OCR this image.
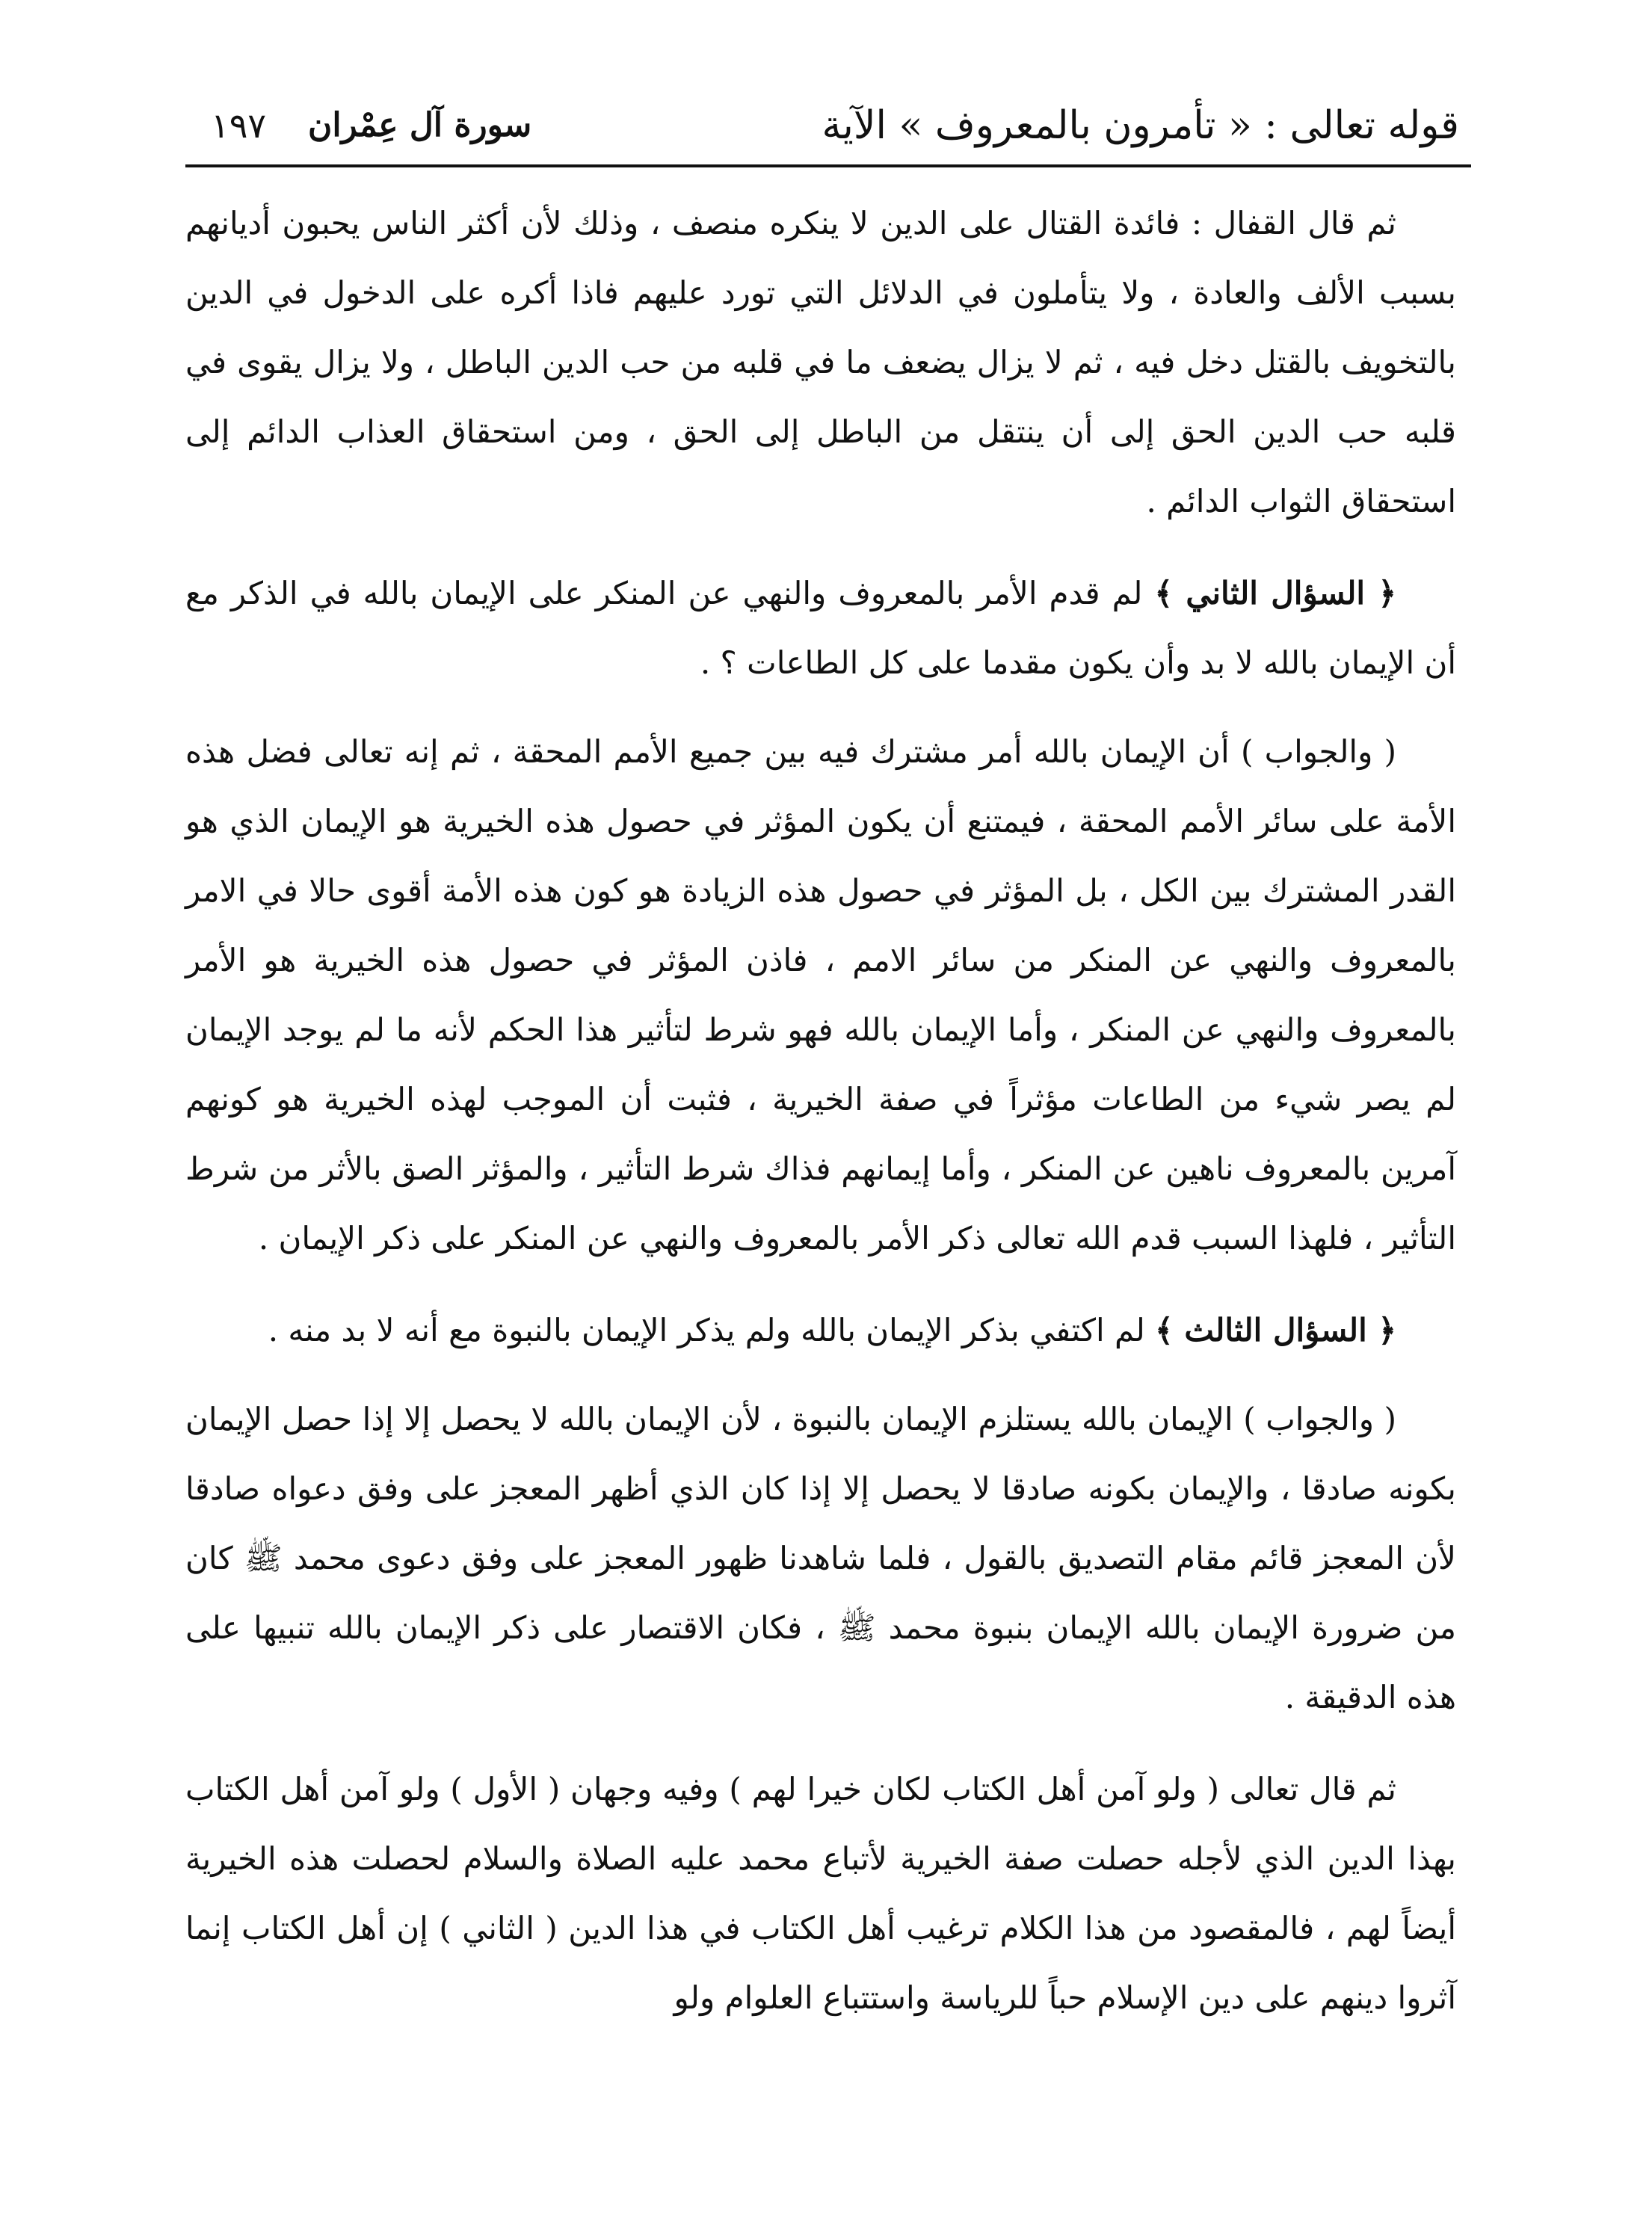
قوله تعالى : « تأمرون بالمعروف » الآية
سورة آل عِمْران
١٩٧

ثم قال القفال : فائدة القتال على الدين لا ينكره منصف ، وذلك لأن أكثر الناس يحبون أديانهم بسبب الألف والعادة ، ولا يتأملون في الدلائل التي تورد عليهم فاذا أكره على الدخول في الدين بالتخويف بالقتل دخل فيه ، ثم لا يزال يضعف ما في قلبه من حب الدين الباطل ، ولا يزال يقوى في قلبه حب الدين الحق إلى أن ينتقل من الباطل إلى الحق ، ومن استحقاق العذاب الدائم إلى استحقاق الثواب الدائم .

﴿ السؤال الثاني ﴾ لم قدم الأمر بالمعروف والنهي عن المنكر على الإيمان بالله في الذكر مع أن الإيمان بالله لا بد وأن يكون مقدما على كل الطاعات ؟ .

( والجواب ) أن الإيمان بالله أمر مشترك فيه بين جميع الأمم المحقة ، ثم إنه تعالى فضل هذه الأمة على سائر الأمم المحقة ، فيمتنع أن يكون المؤثر في حصول هذه الخيرية هو الإيمان الذي هو القدر المشترك بين الكل ، بل المؤثر في حصول هذه الزيادة هو كون هذه الأمة أقوى حالا في الامر بالمعروف والنهي عن المنكر من سائر الامم ، فاذن المؤثر في حصول هذه الخيرية هو الأمر بالمعروف والنهي عن المنكر ، وأما الإيمان بالله فهو شرط لتأثير هذا الحكم لأنه ما لم يوجد الإيمان لم يصر شيء من الطاعات مؤثراً في صفة الخيرية ، فثبت أن الموجب لهذه الخيرية هو كونهم آمرين بالمعروف ناهين عن المنكر ، وأما إيمانهم فذاك شرط التأثير ، والمؤثر الصق بالأثر من شرط التأثير ، فلهذا السبب قدم الله تعالى ذكر الأمر بالمعروف والنهي عن المنكر على ذكر الإيمان .

﴿ السؤال الثالث ﴾ لم اكتفي بذكر الإيمان بالله ولم يذكر الإيمان بالنبوة مع أنه لا بد منه .

( والجواب ) الإيمان بالله يستلزم الإيمان بالنبوة ، لأن الإيمان بالله لا يحصل إلا إذا حصل الإيمان بكونه صادقا ، والإيمان بكونه صادقا لا يحصل إلا إذا كان الذي أظهر المعجز على وفق دعواه صادقا لأن المعجز قائم مقام التصديق بالقول ، فلما شاهدنا ظهور المعجز على وفق دعوى محمد ﷺ كان من ضرورة الإيمان بالله الإيمان بنبوة محمد ﷺ ، فكان الاقتصار على ذكر الإيمان بالله تنبيها على هذه الدقيقة .

ثم قال تعالى ( ولو آمن أهل الكتاب لكان خيرا لهم ) وفيه وجهان ( الأول ) ولو آمن أهل الكتاب بهذا الدين الذي لأجله حصلت صفة الخيرية لأتباع محمد عليه الصلاة والسلام لحصلت هذه الخيرية أيضاً لهم ، فالمقصود من هذا الكلام ترغيب أهل الكتاب في هذا الدين ( الثاني ) إن أهل الكتاب إنما آثروا دينهم على دين الإسلام حباً للرياسة واستتباع العلوام ولو
